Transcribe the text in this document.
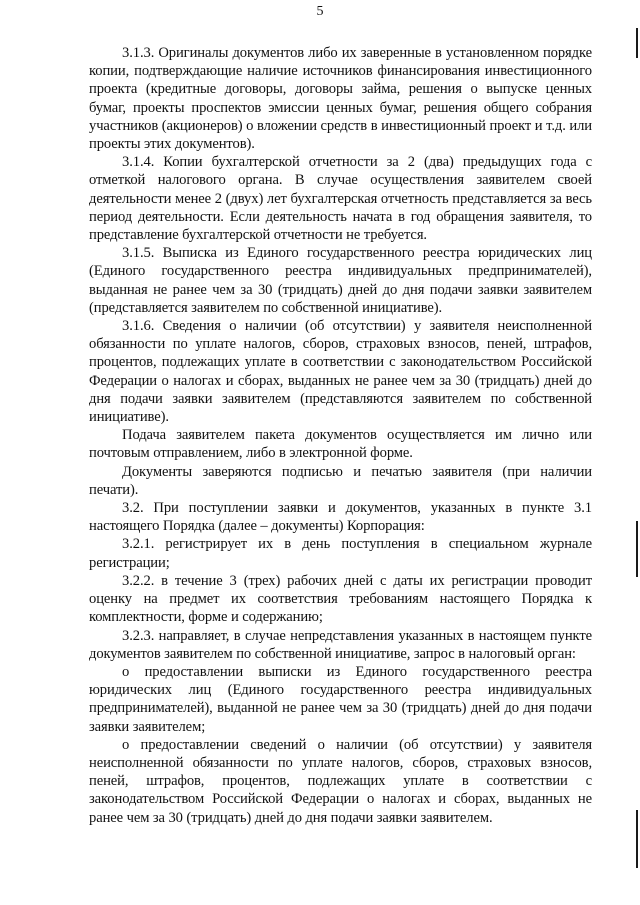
5

3.1.3. Оригиналы документов либо их заверенные в установленном порядке копии, подтверждающие наличие источников финансирования инвестиционного проекта (кредитные договоры, договоры займа, решения о выпуске ценных бумаг, проекты проспектов эмиссии ценных бумаг, решения общего собрания участников (акционеров) о вложении средств в инвестиционный проект и т.д. или проекты этих документов).

3.1.4. Копии бухгалтерской отчетности за 2 (два) предыдущих года с отметкой налогового органа. В случае осуществления заявителем своей деятельности менее 2 (двух) лет бухгалтерская отчетность представляется за весь период деятельности. Если деятельность начата в год обращения заявителя, то представление бухгалтерской отчетности не требуется.

3.1.5. Выписка из Единого государственного реестра юридических лиц (Единого государственного реестра индивидуальных предпринимателей), выданная не ранее чем за 30 (тридцать) дней до дня подачи заявки заявителем (представляется заявителем по собственной инициативе).

3.1.6. Сведения о наличии (об отсутствии) у заявителя неисполненной обязанности по уплате налогов, сборов, страховых взносов, пеней, штрафов, процентов, подлежащих уплате в соответствии с законодательством Российской Федерации о налогах и сборах, выданных не ранее чем за 30 (тридцать) дней до дня подачи заявки заявителем (представляются заявителем по собственной инициативе).

Подача заявителем пакета документов осуществляется им лично или почтовым отправлением, либо в электронной форме.

Документы заверяются подписью и печатью заявителя (при наличии печати).

3.2. При поступлении заявки и документов, указанных в пункте 3.1 настоящего Порядка (далее – документы) Корпорация:

3.2.1. регистрирует их в день поступления в специальном журнале регистрации;

3.2.2. в течение 3 (трех) рабочих дней с даты их регистрации проводит оценку на предмет их соответствия требованиям настоящего Порядка к комплектности, форме и содержанию;

3.2.3. направляет, в случае непредставления указанных в настоящем пункте документов заявителем по собственной инициативе, запрос в налоговый орган:

о предоставлении выписки из Единого государственного реестра юридических лиц (Единого государственного реестра индивидуальных предпринимателей), выданной не ранее чем за 30 (тридцать) дней до дня подачи заявки заявителем;

о предоставлении сведений о наличии (об отсутствии) у заявителя неисполненной обязанности по уплате налогов, сборов, страховых взносов, пеней, штрафов, процентов, подлежащих уплате в соответствии с законодательством Российской Федерации о налогах и сборах, выданных не ранее чем за 30 (тридцать) дней до дня подачи заявки заявителем.
